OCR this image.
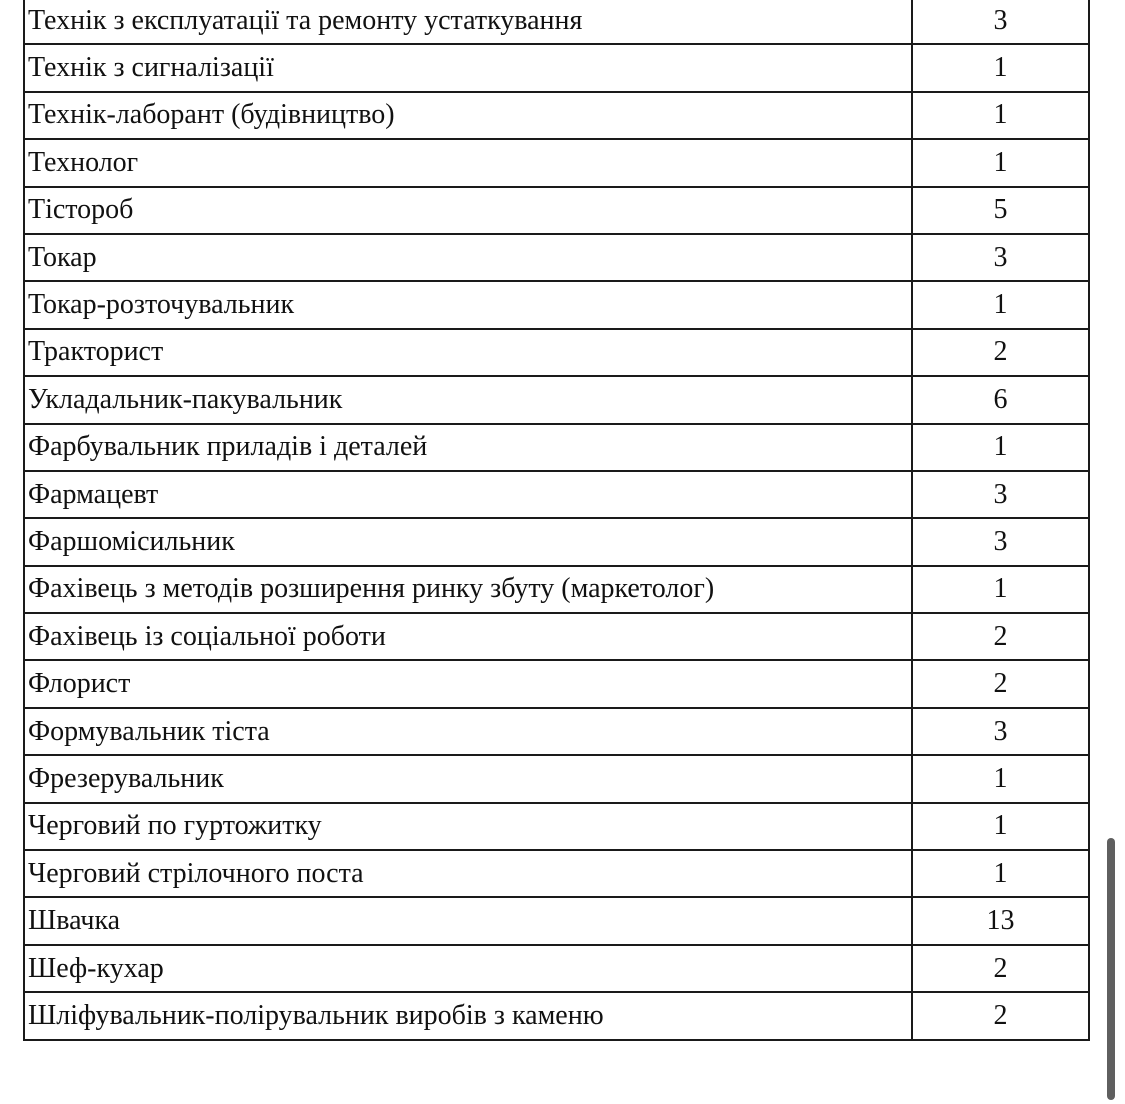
Технік з експлуатації та ремонту устаткування	3
Технік з сигналізації	1
Технік-лаборант (будівництво)	1
Технолог	1
Тістороб	5
Токар	3
Токар-розточувальник	1
Тракторист	2
Укладальник-пакувальник	6
Фарбувальник приладів і деталей	1
Фармацевт	3
Фаршомісильник	3
Фахівець з методів розширення ринку збуту (маркетолог)	1
Фахівець із соціальної роботи	2
Флорист	2
Формувальник тіста	3
Фрезерувальник	1
Черговий по гуртожитку	1
Черговий стрілочного поста	1
Швачка	13
Шеф-кухар	2
Шліфувальник-полірувальник виробів з каменю	2
